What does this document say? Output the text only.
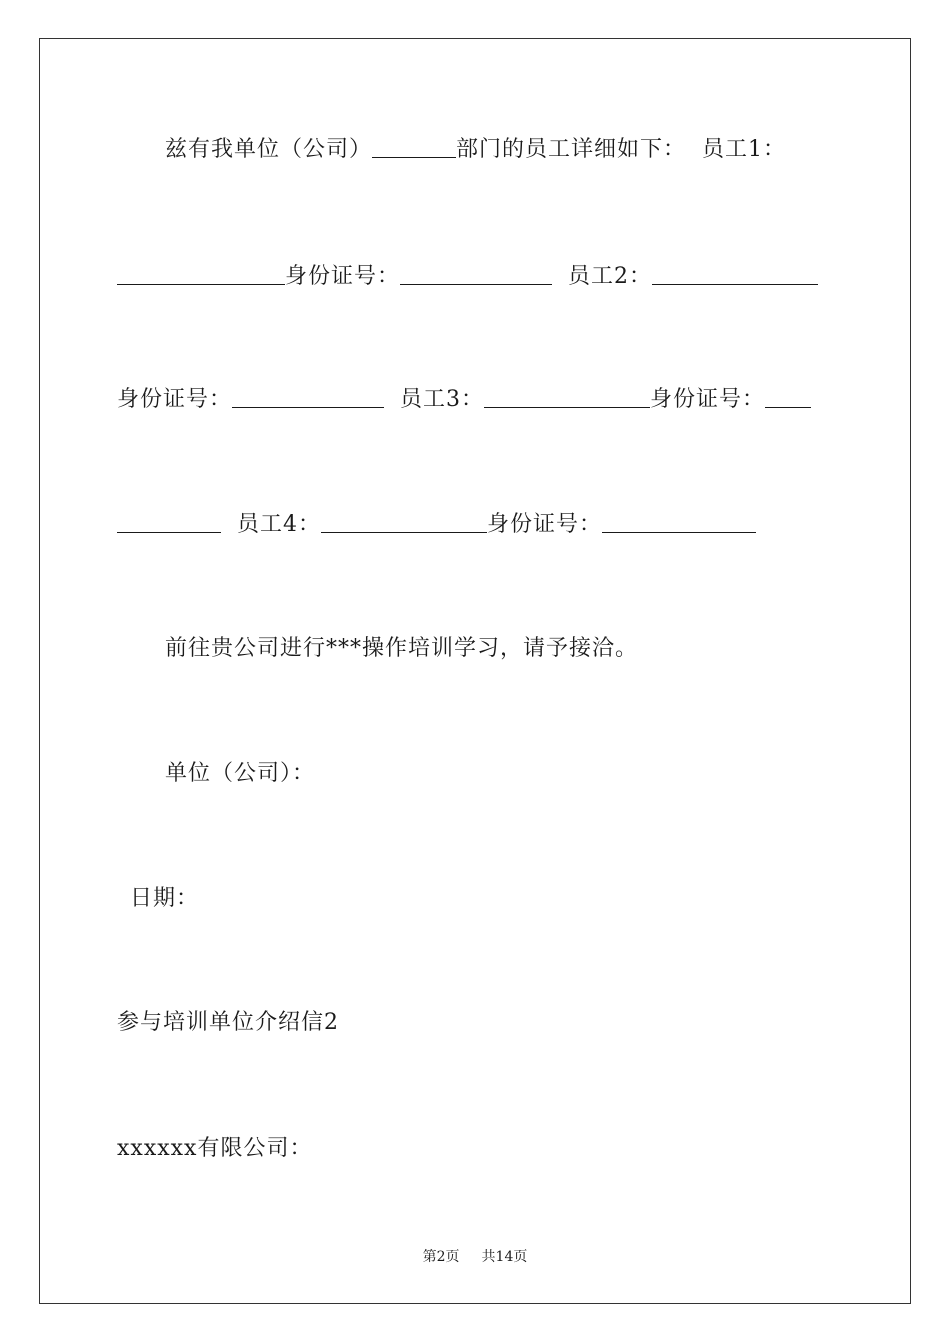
兹有我单位（公司）	部门的员工详细如下： 员工1：
身份证号：	员工2：
身份证号：	员工3：	身份证号：
员工4：	身份证号：
前往贵公司进行***操作培训学习，请予接洽。
单位（公司）：
日期：
参与培训单位介绍信2
xxxxxx有限公司：
第2页 共14页
